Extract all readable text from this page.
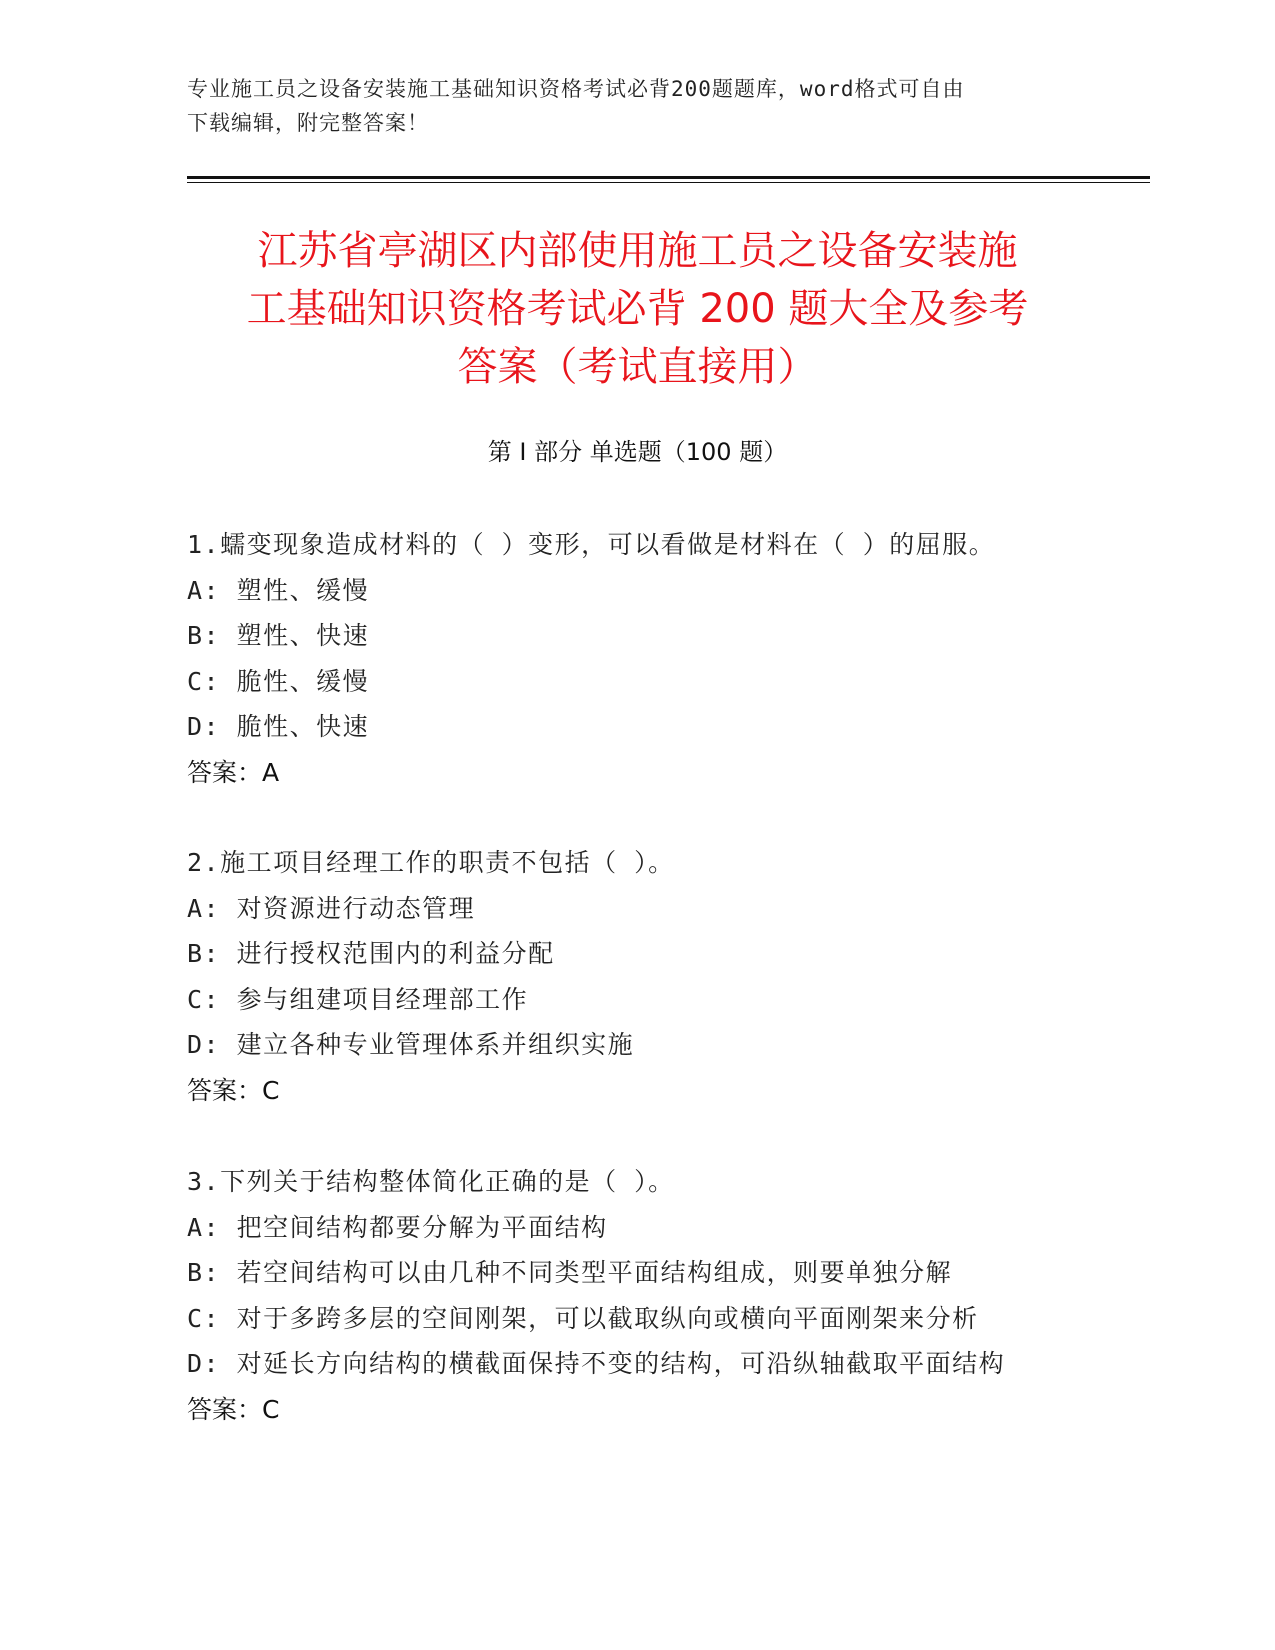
专业施工员之设备安装施工基础知识资格考试必背200题题库，word格式可自由
下载编辑，附完整答案！
江苏省亭湖区内部使用施工员之设备安装施
工基础知识资格考试必背 200 题大全及参考
答案（考试直接用）
第 I 部分 单选题（100 题）
1.蠕变现象造成材料的（ ）变形，可以看做是材料在（ ）的屈服。
A: 塑性、缓慢
B: 塑性、快速
C: 脆性、缓慢
D: 脆性、快速
答案：A
2.施工项目经理工作的职责不包括（ ）。
A: 对资源进行动态管理
B: 进行授权范围内的利益分配
C: 参与组建项目经理部工作
D: 建立各种专业管理体系并组织实施
答案：C
3.下列关于结构整体简化正确的是（ ）。
A: 把空间结构都要分解为平面结构
B: 若空间结构可以由几种不同类型平面结构组成，则要单独分解
C: 对于多跨多层的空间刚架，可以截取纵向或横向平面刚架来分析
D: 对延长方向结构的横截面保持不变的结构，可沿纵轴截取平面结构
答案：C
